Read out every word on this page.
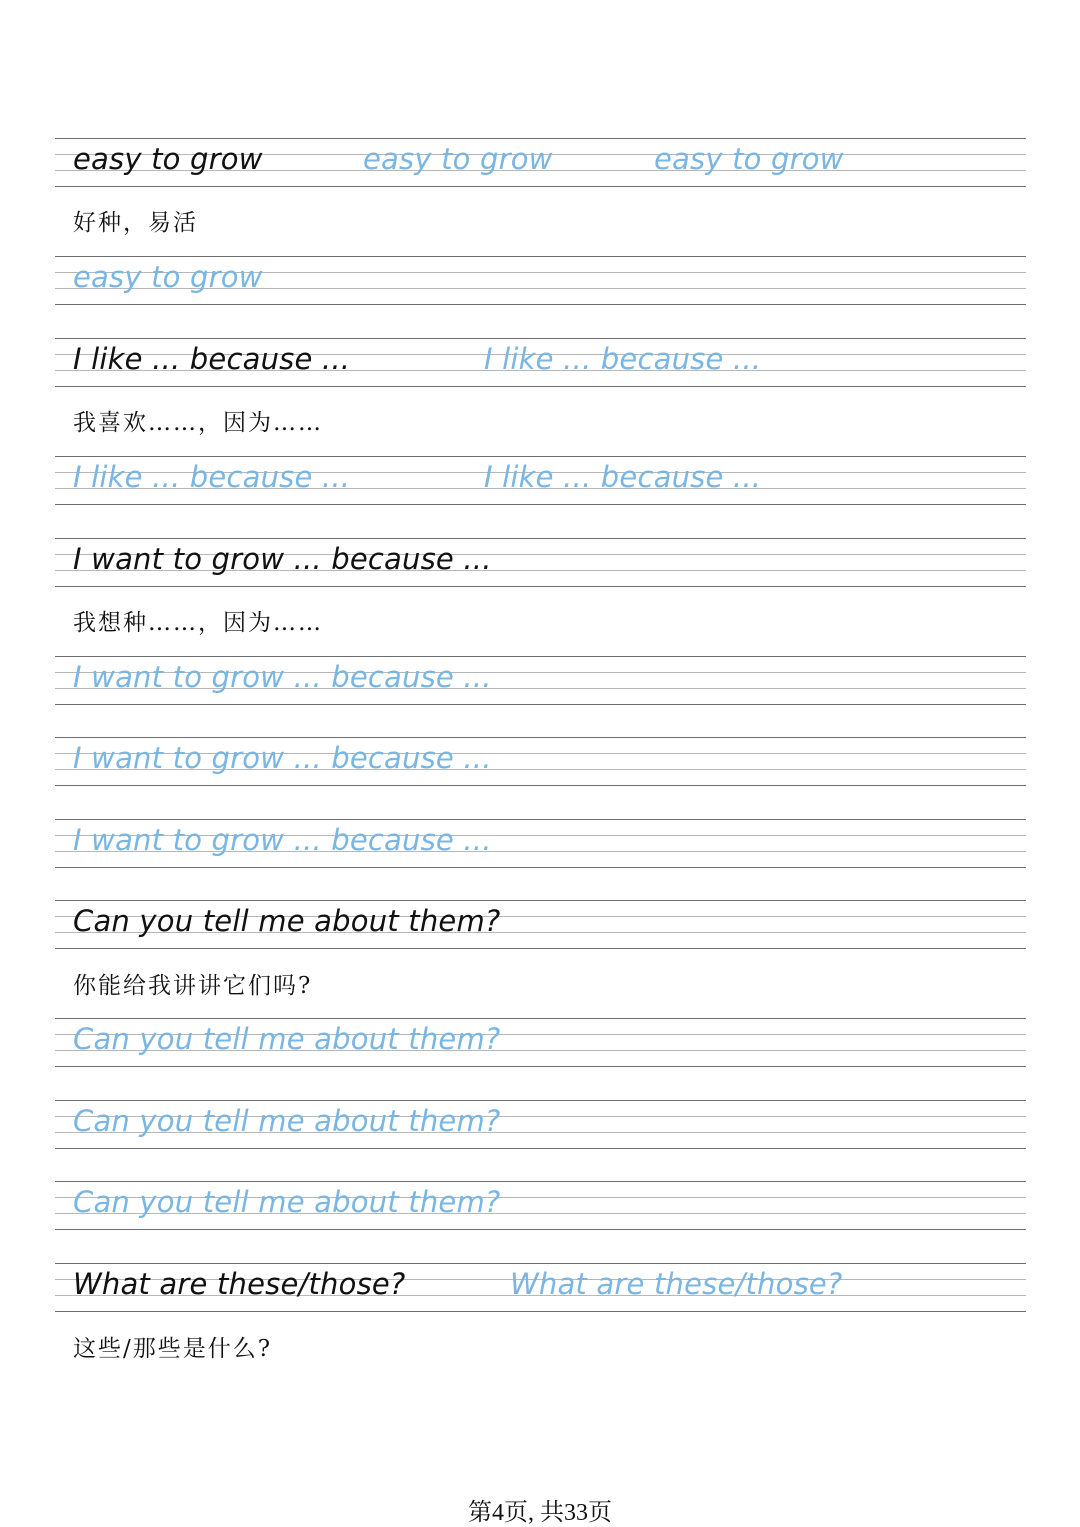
easy to grow	easy to grow	easy to grow
好种，易活
easy to grow
I like ... because ...	I like ... because ...
我喜欢……，因为……
I like ... because ...	I like ... because ...
I want to grow ... because ...
我想种……，因为……
I want to grow ... because ...
I want to grow ... because ...
I want to grow ... because ...
Can you tell me about them?
你能给我讲讲它们吗?
Can you tell me about them?
Can you tell me about them?
Can you tell me about them?
What are these/those?	What are these/those?
这些/那些是什么?
第4页, 共33页
